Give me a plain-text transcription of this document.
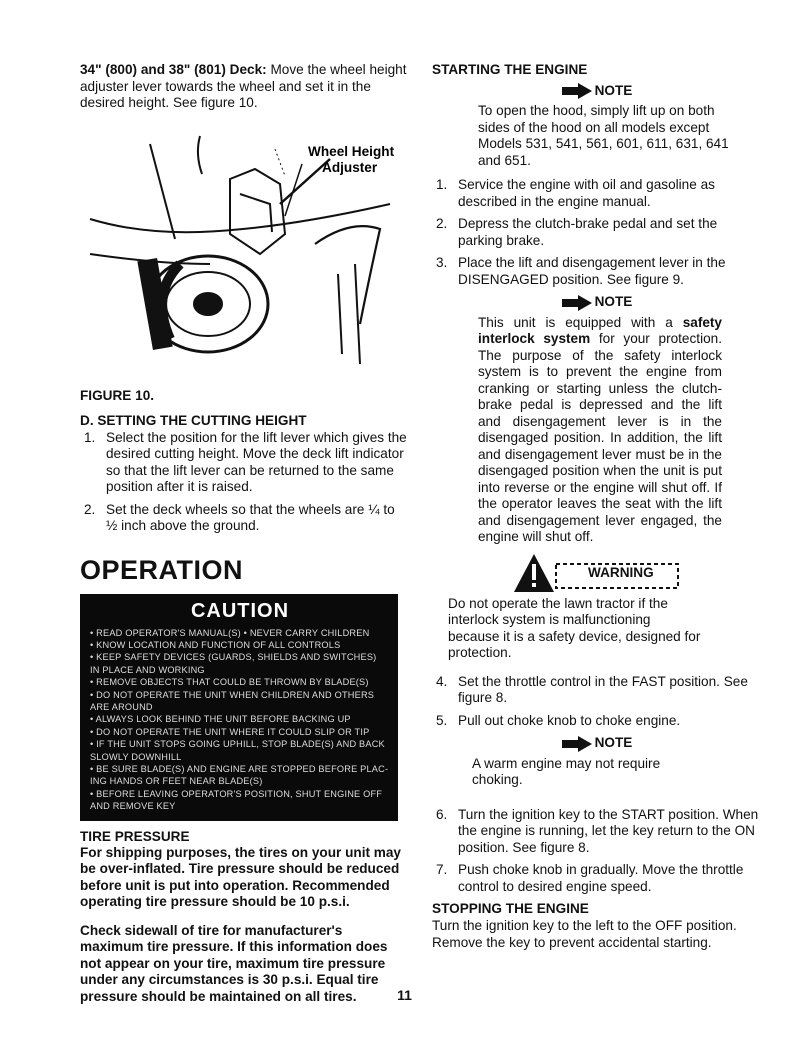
34" (800) and 38" (801) Deck: Move the wheel height adjuster lever towards the wheel and set it in the desired height. See figure 10.

Wheel Height
Adjuster
FIGURE 10.
D. SETTING THE CUTTING HEIGHT
1. Select the position for the lift lever which gives the desired cutting height. Move the deck lift indicator so that the lift lever can be returned to the same position after it is raised.
2. Set the deck wheels so that the wheels are ¼ to ½ inch above the ground.
OPERATION
CAUTION
• READ OPERATOR'S MANUAL(S) • NEVER CARRY CHILDREN
• KNOW LOCATION AND FUNCTION OF ALL CONTROLS
• KEEP SAFETY DEVICES (GUARDS, SHIELDS AND SWITCHES)
IN PLACE AND WORKING
• REMOVE OBJECTS THAT COULD BE THROWN BY BLADE(S)
• DO NOT OPERATE THE UNIT WHEN CHILDREN AND OTHERS
ARE AROUND
• ALWAYS LOOK BEHIND THE UNIT BEFORE BACKING UP
• DO NOT OPERATE THE UNIT WHERE IT COULD SLIP OR TIP
• IF THE UNIT STOPS GOING UPHILL, STOP BLADE(S) AND BACK
SLOWLY DOWNHILL
• BE SURE BLADE(S) AND ENGINE ARE STOPPED BEFORE PLAC-
ING HANDS OR FEET NEAR BLADE(S)
• BEFORE LEAVING OPERATOR'S POSITION, SHUT ENGINE OFF
AND REMOVE KEY
TIRE PRESSURE

For shipping purposes, the tires on your unit may be over-inflated. Tire pressure should be reduced before unit is put into operation. Recommended operating tire pressure should be 10 p.s.i.

Check sidewall of tire for manufacturer's maximum tire pressure. If this information does not appear on your tire, maximum tire pressure under any circumstances is 30 p.s.i. Equal tire pressure should be maintained on all tires.

STARTING THE ENGINE
NOTE

To open the hood, simply lift up on both sides of the hood on all models except Models 531, 541, 561, 601, 611, 631, 641 and 651.

1. Service the engine with oil and gasoline as described in the engine manual.
2. Depress the clutch-brake pedal and set the parking brake.
3. Place the lift and disengagement lever in the DISENGAGED position. See figure 9.
NOTE

This unit is equipped with a safety interlock system for your protection. The purpose of the safety interlock system is to prevent the engine from cranking or starting unless the clutch-brake pedal is depressed and the lift and disengagement lever is in the disengaged position. In addition, the lift and disengagement lever must be in the disengaged position when the unit is put into reverse or the engine will shut off. If the operator leaves the seat with the lift and disengagement lever engaged, the engine will shut off.

WARNING

Do not operate the lawn tractor if the interlock system is malfunctioning because it is a safety device, designed for protection.

4. Set the throttle control in the FAST position. See figure 8.
5. Pull out choke knob to choke engine.
NOTE

A warm engine may not require choking.

6. Turn the ignition key to the START position. When the engine is running, let the key return to the ON position. See figure 8.
7. Push choke knob in gradually. Move the throttle control to desired engine speed.
STOPPING THE ENGINE

Turn the ignition key to the left to the OFF position. Remove the key to prevent accidental starting.

11
